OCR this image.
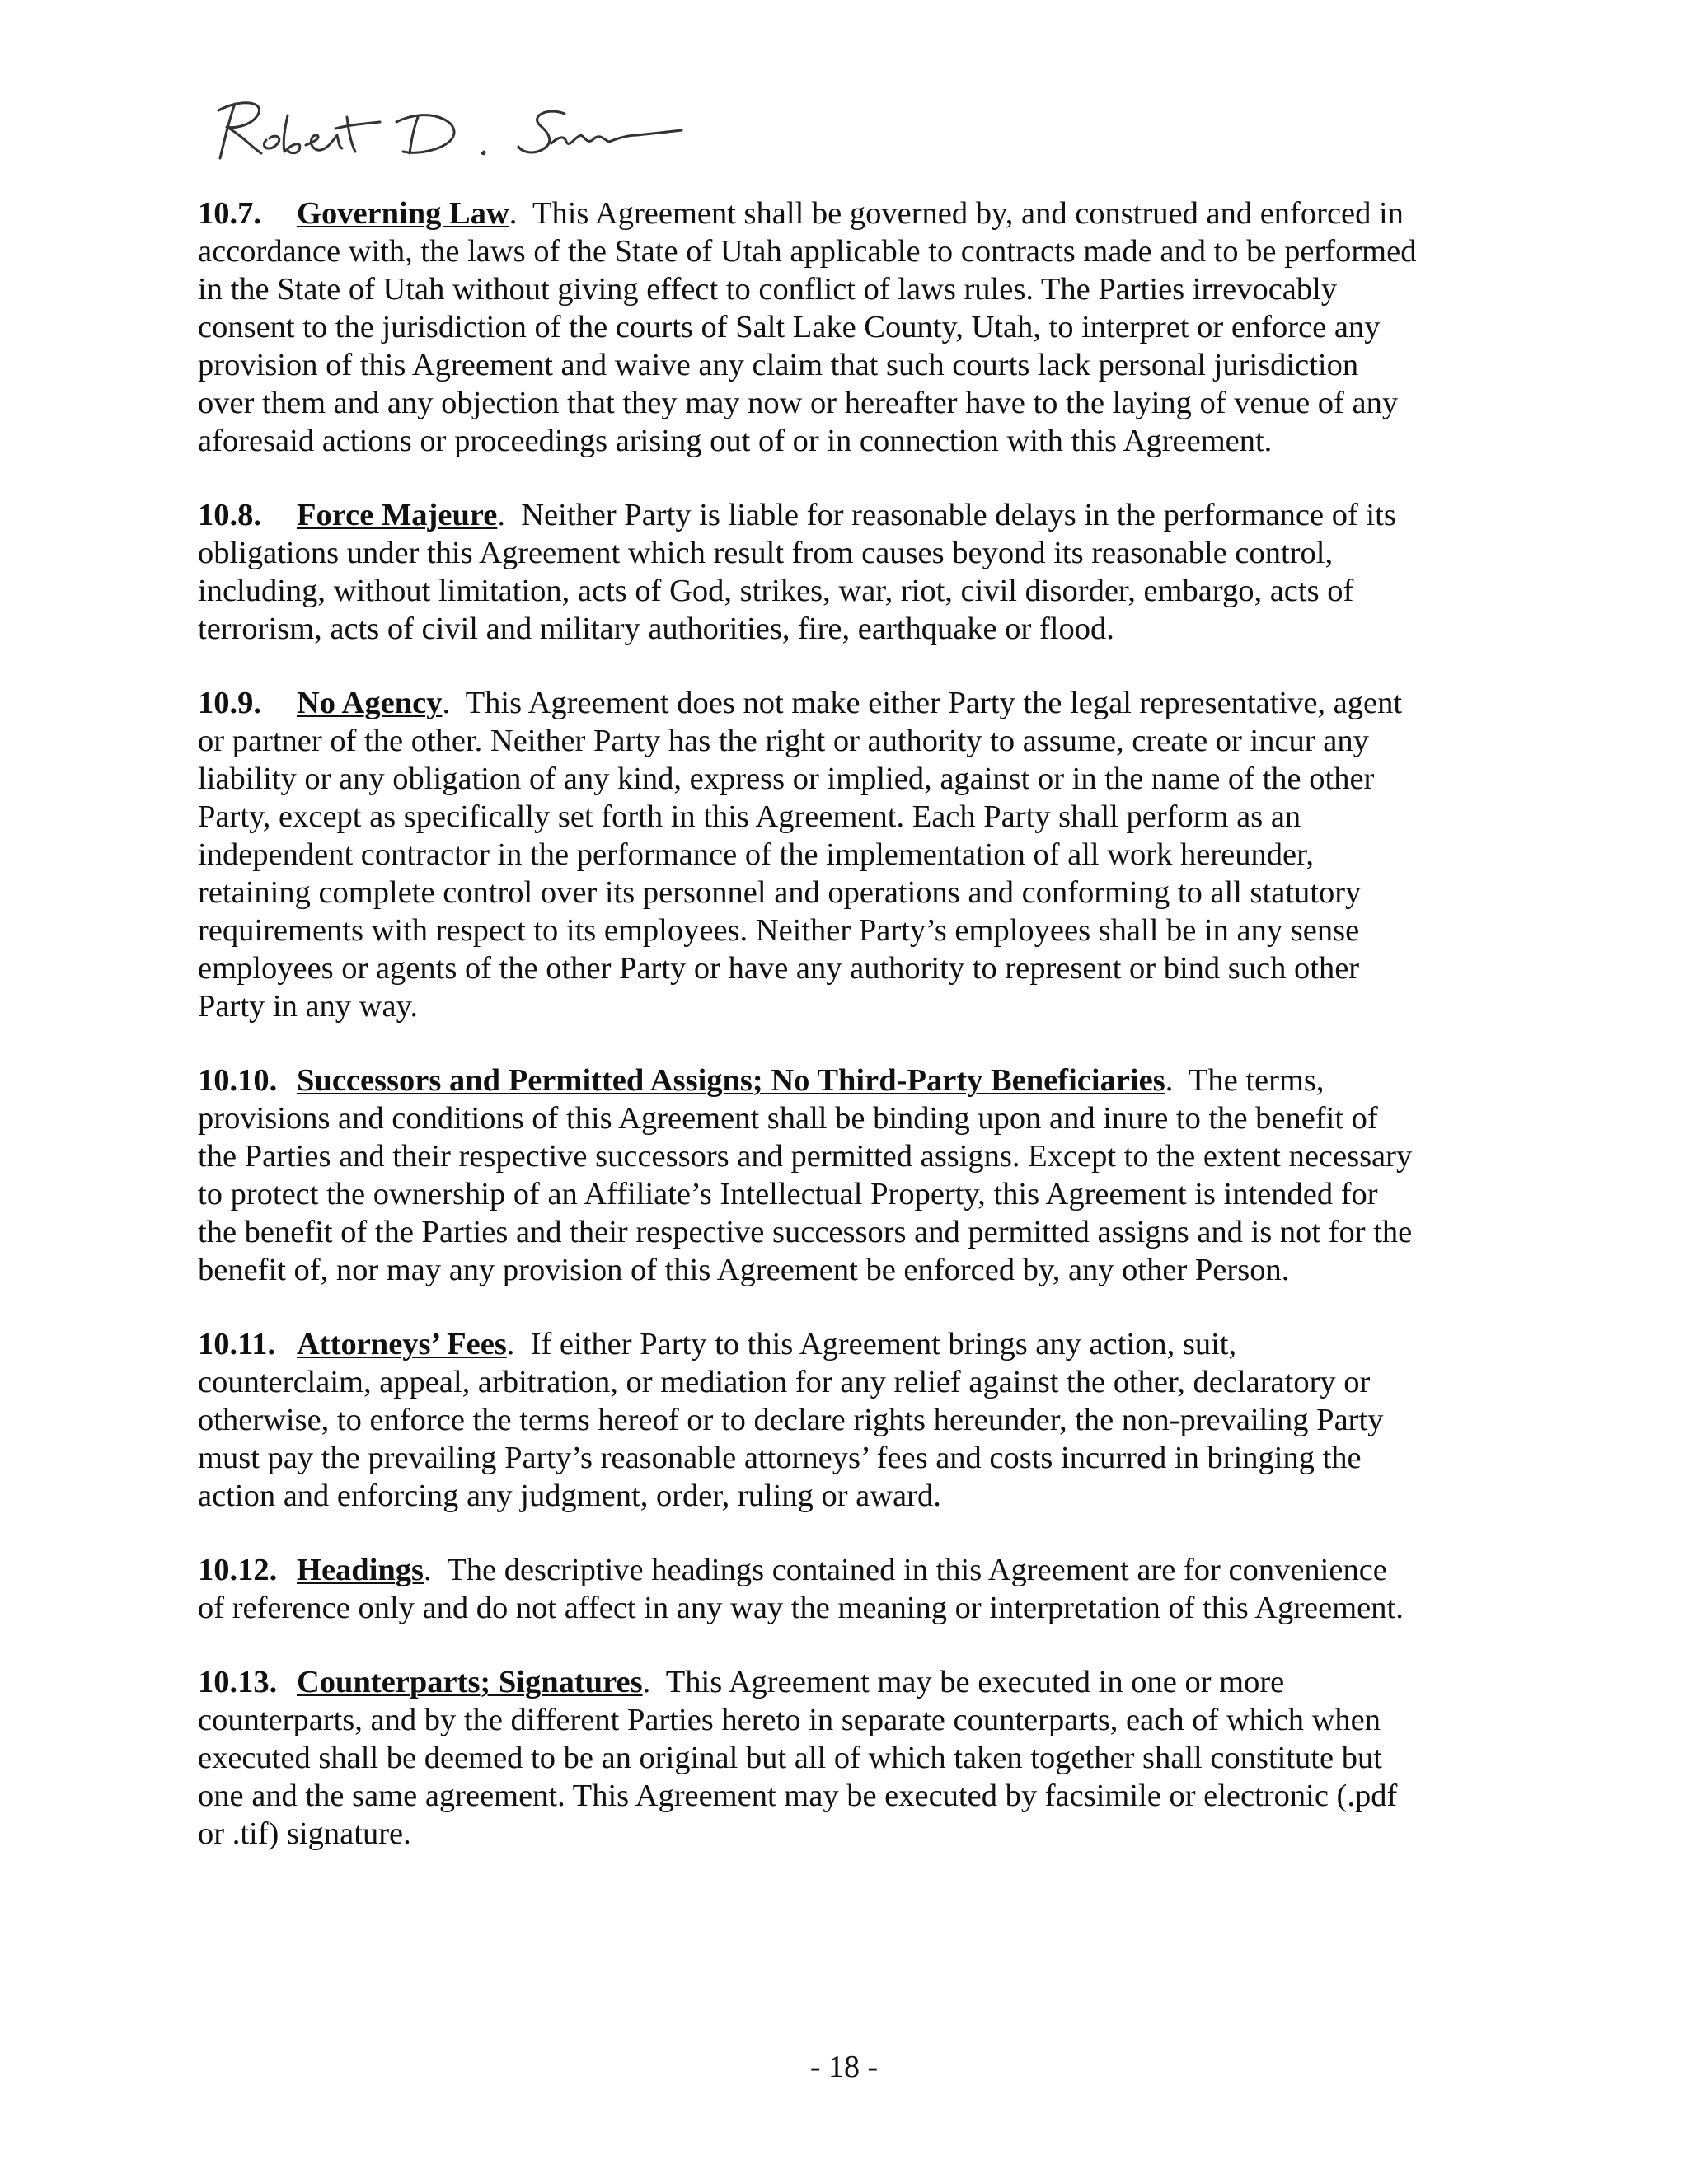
10.7. Governing Law.  This Agreement shall be governed by, and construed and enforced in accordance with, the laws of the State of Utah applicable to contracts made and to be performed in the State of Utah without giving effect to conflict of laws rules. The Parties irrevocably consent to the jurisdiction of the courts of Salt Lake County, Utah, to interpret or enforce any provision of this Agreement and waive any claim that such courts lack personal jurisdiction over them and any objection that they may now or hereafter have to the laying of venue of any aforesaid actions or proceedings arising out of or in connection with this Agreement.

10.8. Force Majeure.  Neither Party is liable for reasonable delays in the performance of its obligations under this Agreement which result from causes beyond its reasonable control, including, without limitation, acts of God, strikes, war, riot, civil disorder, embargo, acts of terrorism, acts of civil and military authorities, fire, earthquake or flood.

10.9. No Agency.  This Agreement does not make either Party the legal representative, agent or partner of the other. Neither Party has the right or authority to assume, create or incur any liability or any obligation of any kind, express or implied, against or in the name of the other Party, except as specifically set forth in this Agreement. Each Party shall perform as an independent contractor in the performance of the implementation of all work hereunder, retaining complete control over its personnel and operations and conforming to all statutory requirements with respect to its employees. Neither Party’s employees shall be in any sense employees or agents of the other Party or have any authority to represent or bind such other Party in any way.

10.10. Successors and Permitted Assigns; No Third-Party Beneficiaries.  The terms, provisions and conditions of this Agreement shall be binding upon and inure to the benefit of the Parties and their respective successors and permitted assigns. Except to the extent necessary to protect the ownership of an Affiliate’s Intellectual Property, this Agreement is intended for the benefit of the Parties and their respective successors and permitted assigns and is not for the benefit of, nor may any provision of this Agreement be enforced by, any other Person.

10.11. Attorneys’ Fees.  If either Party to this Agreement brings any action, suit, counterclaim, appeal, arbitration, or mediation for any relief against the other, declaratory or otherwise, to enforce the terms hereof or to declare rights hereunder, the non-prevailing Party must pay the prevailing Party’s reasonable attorneys’ fees and costs incurred in bringing the action and enforcing any judgment, order, ruling or award.

10.12. Headings.  The descriptive headings contained in this Agreement are for convenience of reference only and do not affect in any way the meaning or interpretation of this Agreement.

10.13. Counterparts; Signatures.  This Agreement may be executed in one or more counterparts, and by the different Parties hereto in separate counterparts, each of which when executed shall be deemed to be an original but all of which taken together shall constitute but one and the same agreement. This Agreement may be executed by facsimile or electronic (.pdf or .tif) signature.

- 18 -
